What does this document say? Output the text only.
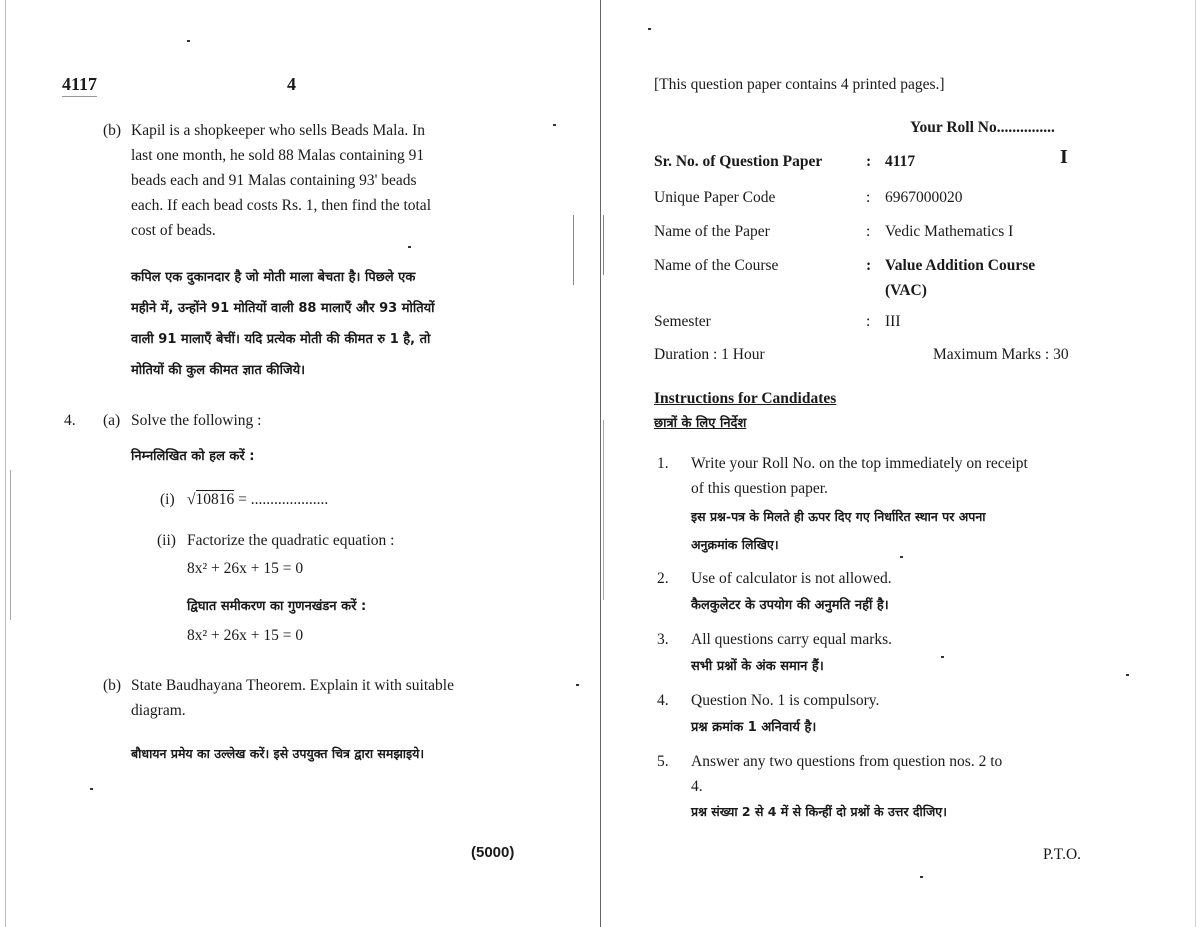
4117	4
(b) Kapil is a shopkeeper who sells Beads Mala. In
last one month, he sold 88 Malas containing 91
beads each and 91 Malas containing 93' beads
each. If each bead costs Rs. 1, then find the total
cost of beads.
कपिल एक दुकानदार है जो मोती माला बेचता है। पिछले एक
महीने में, उन्होंने 91 मोतियों वाली 88 मालाएँ और 93 मोतियों
वाली 91 मालाएँ बेचीं। यदि प्रत्येक मोती की कीमत रु 1 है, तो
मोतियों की कुल कीमत ज्ञात कीजिये।
4. (a) Solve the following :
निम्नलिखित को हल करें :
(i) √10816 = ....................
(ii) Factorize the quadratic equation :
8x² + 26x + 15 = 0
द्विघात समीकरण का गुणनखंडन करें :
8x² + 26x + 15 = 0
(b) State Baudhayana Theorem. Explain it with suitable
diagram.
बौधायन प्रमेय का उल्लेख करें। इसे उपयुक्त चित्र द्वारा समझाइये।
(5000)
[This question paper contains 4 printed pages.]
Your Roll No...............
Sr. No. of Question Paper	: 4117	I
Unique Paper Code	: 6967000020
Name of the Paper	: Vedic Mathematics I
Name of the Course	: Value Addition Course
(VAC)
Semester	: III
Duration : 1 Hour	Maximum Marks : 30
Instructions for Candidates
छात्रों के लिए निर्देश
1. Write your Roll No. on the top immediately on receipt
of this question paper.
इस प्रश्न-पत्र के मिलते ही ऊपर दिए गए निर्धारित स्थान पर अपना
अनुक्रमांक लिखिए।
2. Use of calculator is not allowed.
कैलकुलेटर के उपयोग की अनुमति नहीं है।
3. All questions carry equal marks.
सभी प्रश्नों के अंक समान हैं।
4. Question No. 1 is compulsory.
प्रश्न क्रमांक 1 अनिवार्य है।
5. Answer any two questions from question nos. 2 to
4.
प्रश्न संख्या 2 से 4 में से किन्हीं दो प्रश्नों के उत्तर दीजिए।
P.T.O.
